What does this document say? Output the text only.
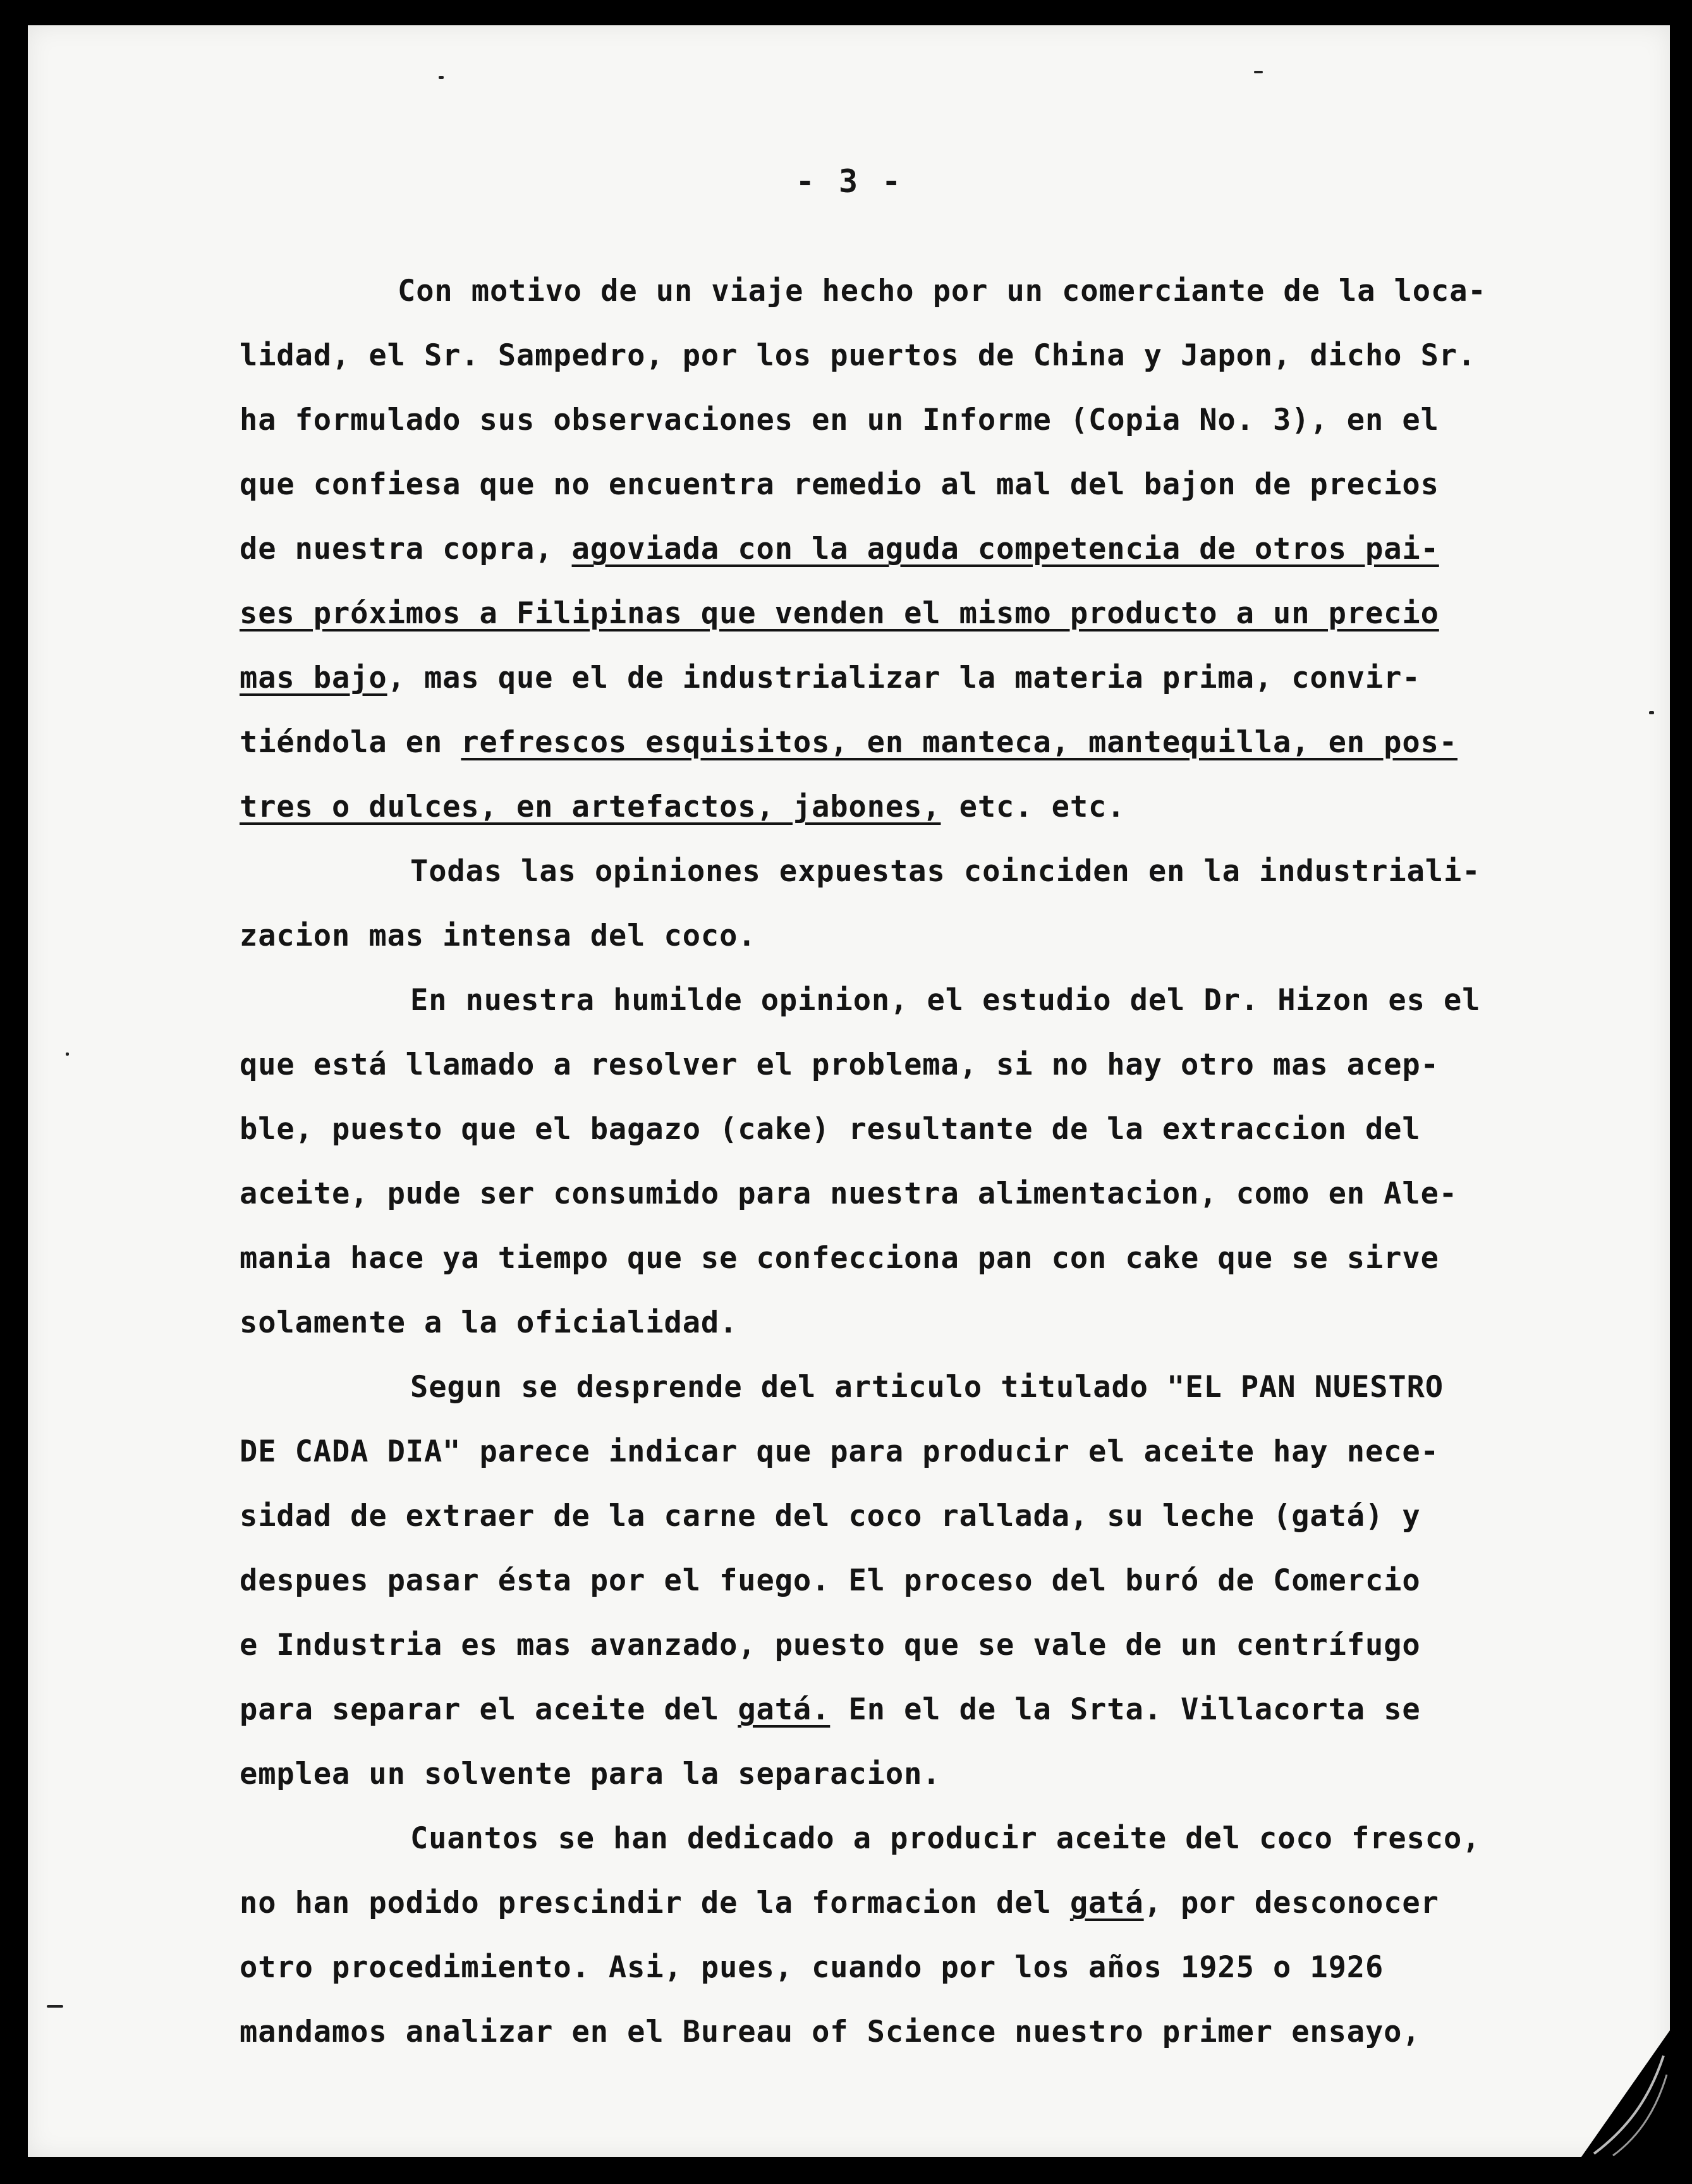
- 3 -
Con motivo de un viaje hecho por un comerciante de la loca-
lidad, el Sr. Sampedro, por los puertos de China y Japon, dicho Sr.
ha formulado sus observaciones en un Informe (Copia No. 3), en el
que confiesa que no encuentra remedio al mal del bajon de precios
de nuestra copra, agoviada con la aguda competencia de otros pai-
ses próximos a Filipinas que venden el mismo producto a un precio
mas bajo, mas que el de industrializar la materia prima, convir-
tiéndola en refrescos esquisitos, en manteca, mantequilla, en pos-
tres o dulces, en artefactos, jabones, etc. etc.
Todas las opiniones expuestas coinciden en la industriali-
zacion mas intensa del coco.
En nuestra humilde opinion, el estudio del Dr. Hizon es el
que está llamado a resolver el problema, si no hay otro mas acep-
ble, puesto que el bagazo (cake) resultante de la extraccion del
aceite, pude ser consumido para nuestra alimentacion, como en Ale-
mania hace ya tiempo que se confecciona pan con cake que se sirve
solamente a la oficialidad.
Segun se desprende del articulo titulado "EL PAN NUESTRO
DE CADA DIA" parece indicar que para producir el aceite hay nece-
sidad de extraer de la carne del coco rallada, su leche (gatá) y
despues pasar ésta por el fuego. El proceso del buró de Comercio
e Industria es mas avanzado, puesto que se vale de un centrífugo
para separar el aceite del gatá. En el de la Srta. Villacorta se
emplea un solvente para la separacion.
Cuantos se han dedicado a producir aceite del coco fresco,
no han podido prescindir de la formacion del gatá, por desconocer
otro procedimiento. Asi, pues, cuando por los años 1925 o 1926
mandamos analizar en el Bureau of Science nuestro primer ensayo,
